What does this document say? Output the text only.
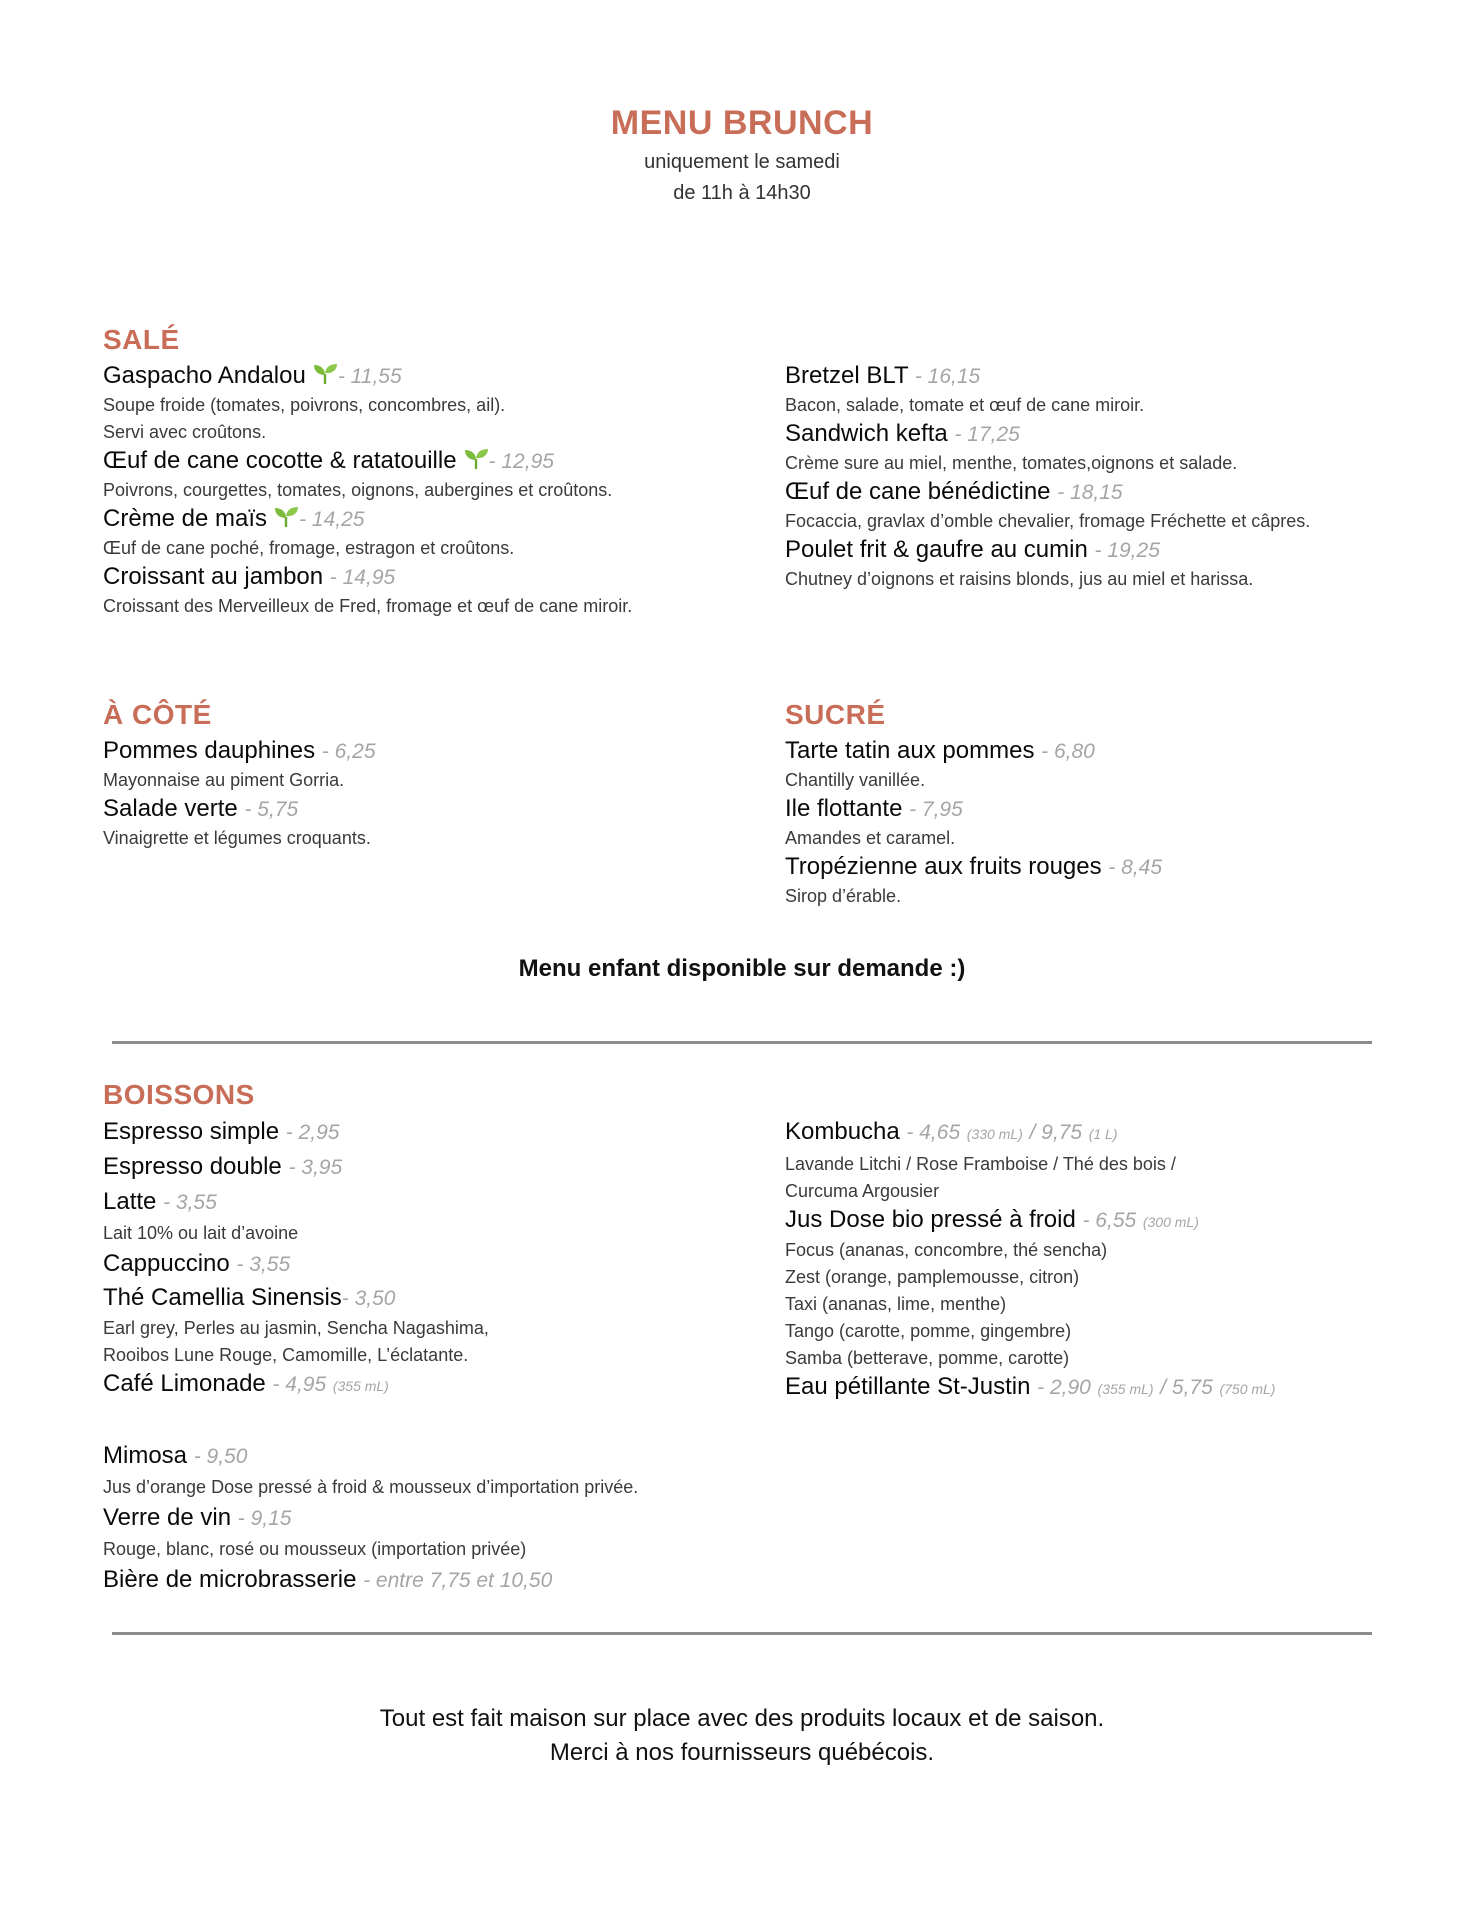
MENU BRUNCH
uniquement le samedi
de 11h à 14h30
SALÉ
Gaspacho Andalou - 11,55
Soupe froide (tomates, poivrons, concombres, ail).
Servi avec croûtons.
Œuf de cane cocotte & ratatouille - 12,95
Poivrons, courgettes, tomates, oignons, aubergines et croûtons.
Crème de maïs - 14,25
Œuf de cane poché, fromage, estragon et croûtons.
Croissant au jambon - 14,95
Croissant des Merveilleux de Fred, fromage et œuf de cane miroir.
Bretzel BLT - 16,15
Bacon, salade, tomate et œuf de cane miroir.
Sandwich kefta - 17,25
Crème sure au miel, menthe, tomates,oignons et salade.
Œuf de cane bénédictine - 18,15
Focaccia, gravlax d’omble chevalier, fromage Fréchette et câpres.
Poulet frit & gaufre au cumin - 19,25
Chutney d’oignons et raisins blonds, jus au miel et harissa.
À CÔTÉ
Pommes dauphines - 6,25
Mayonnaise au piment Gorria.
Salade verte - 5,75
Vinaigrette et légumes croquants.
SUCRÉ
Tarte tatin aux pommes - 6,80
Chantilly vanillée.
Ile flottante - 7,95
Amandes et caramel.
Tropézienne aux fruits rouges - 8,45
Sirop d’érable.
Menu enfant disponible sur demande :)
BOISSONS
Espresso simple - 2,95
Espresso double - 3,95
Latte - 3,55
Lait 10% ou lait d’avoine
Cappuccino - 3,55
Thé Camellia Sinensis- 3,50
Earl grey, Perles au jasmin, Sencha Nagashima,
Rooibos Lune Rouge, Camomille, L’éclatante.
Café Limonade - 4,95 (355 mL)
Kombucha - 4,65 (330 mL) / 9,75 (1 L)
Lavande Litchi / Rose Framboise / Thé des bois /
Curcuma Argousier
Jus Dose bio pressé à froid - 6,55 (300 mL)
Focus (ananas, concombre, thé sencha)
Zest (orange, pamplemousse, citron)
Taxi (ananas, lime, menthe)
Tango (carotte, pomme, gingembre)
Samba (betterave, pomme, carotte)
Eau pétillante St-Justin - 2,90 (355 mL) / 5,75 (750 mL)
Mimosa - 9,50
Jus d’orange Dose pressé à froid & mousseux d’importation privée.
Verre de vin - 9,15
Rouge, blanc, rosé ou mousseux (importation privée)
Bière de microbrasserie - entre 7,75 et 10,50
Tout est fait maison sur place avec des produits locaux et de saison.
Merci à nos fournisseurs québécois.
